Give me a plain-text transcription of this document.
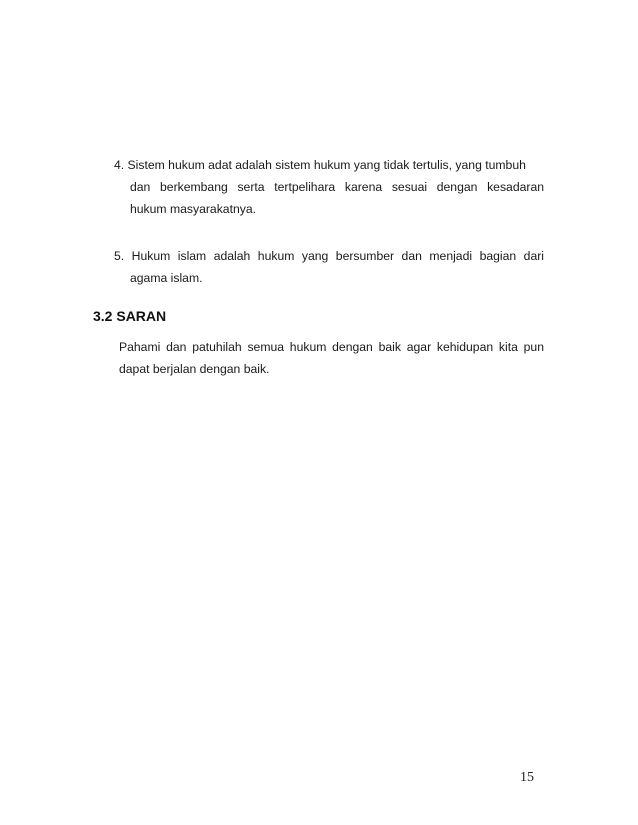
4. Sistem hukum adat adalah sistem hukum yang tidak tertulis, yang tumbuh
dan berkembang serta tertpelihara karena sesuai dengan kesadaran
hukum masyarakatnya.
5. Hukum islam adalah hukum yang bersumber dan menjadi bagian dari
agama islam.
3.2 SARAN
Pahami dan patuhilah semua hukum dengan baik agar kehidupan kita pun
dapat berjalan dengan baik.
15
